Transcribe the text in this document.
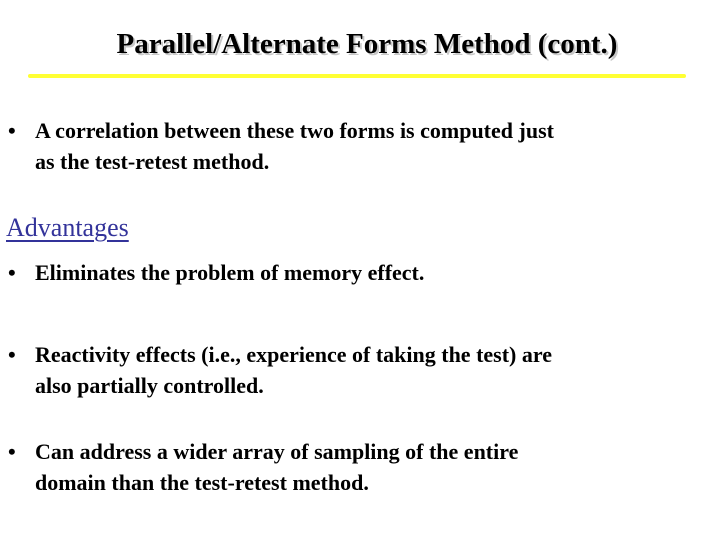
Parallel/Alternate Forms Method (cont.)
• A correlation between these two forms is computed just
as the test-retest method.
Advantages
• Eliminates the problem of memory effect.
• Reactivity effects (i.e., experience of taking the test) are
also partially controlled.
• Can address a wider array of sampling of the entire
domain than the test-retest method.
